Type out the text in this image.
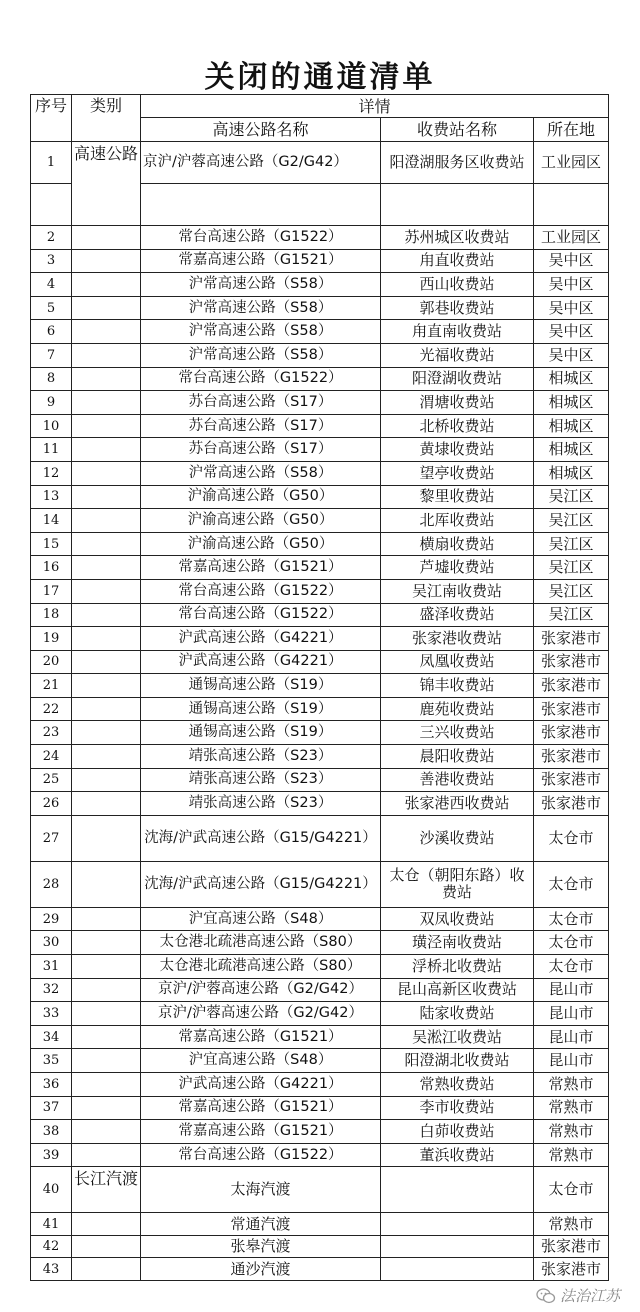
关闭的通道清单
序号	类别	详情		
		高速公路名称	收费站名称	所在地
1	高速公路	京沪/沪蓉高速公路（G2/G42）	阳澄湖服务区收费站	工业园区

2		常台高速公路（G1522）	苏州城区收费站	工业园区
3		常嘉高速公路（G1521）	甪直收费站	吴中区
4		沪常高速公路（S58）	西山收费站	吴中区
5		沪常高速公路（S58）	郭巷收费站	吴中区
6		沪常高速公路（S58）	甪直南收费站	吴中区
7		沪常高速公路（S58）	光福收费站	吴中区
8		常台高速公路（G1522）	阳澄湖收费站	相城区
9		苏台高速公路（S17）	渭塘收费站	相城区
10		苏台高速公路（S17）	北桥收费站	相城区
11		苏台高速公路（S17）	黄埭收费站	相城区
12		沪常高速公路（S58）	望亭收费站	相城区
13		沪渝高速公路（G50）	黎里收费站	吴江区
14		沪渝高速公路（G50）	北厍收费站	吴江区
15		沪渝高速公路（G50）	横扇收费站	吴江区
16		常嘉高速公路（G1521）	芦墟收费站	吴江区
17		常台高速公路（G1522）	吴江南收费站	吴江区
18		常台高速公路（G1522）	盛泽收费站	吴江区
19		沪武高速公路（G4221）	张家港收费站	张家港市
20		沪武高速公路（G4221）	凤凰收费站	张家港市
21		通锡高速公路（S19）	锦丰收费站	张家港市
22		通锡高速公路（S19）	鹿苑收费站	张家港市
23		通锡高速公路（S19）	三兴收费站	张家港市
24		靖张高速公路（S23）	晨阳收费站	张家港市
25		靖张高速公路（S23）	善港收费站	张家港市
26		靖张高速公路（S23）	张家港西收费站	张家港市
27		沈海/沪武高速公路（G15/G4221）	沙溪收费站	太仓市
28		沈海/沪武高速公路（G15/G4221）	太仓（朝阳东路）收费站	太仓市
29		沪宜高速公路（S48）	双凤收费站	太仓市
30		太仓港北疏港高速公路（S80）	璜泾南收费站	太仓市
31		太仓港北疏港高速公路（S80）	浮桥北收费站	太仓市
32		京沪/沪蓉高速公路（G2/G42）	昆山高新区收费站	昆山市
33		京沪/沪蓉高速公路（G2/G42）	陆家收费站	昆山市
34		常嘉高速公路（G1521）	吴淞江收费站	昆山市
35		沪宜高速公路（S48）	阳澄湖北收费站	昆山市
36		沪武高速公路（G4221）	常熟收费站	常熟市
37		常嘉高速公路（G1521）	李市收费站	常熟市
38		常嘉高速公路（G1521）	白茆收费站	常熟市
39		常台高速公路（G1522）	董浜收费站	常熟市
40	长江汽渡	太海汽渡		太仓市
41		常通汽渡		常熟市
42		张皋汽渡		张家港市
43		通沙汽渡		张家港市
法治江苏
